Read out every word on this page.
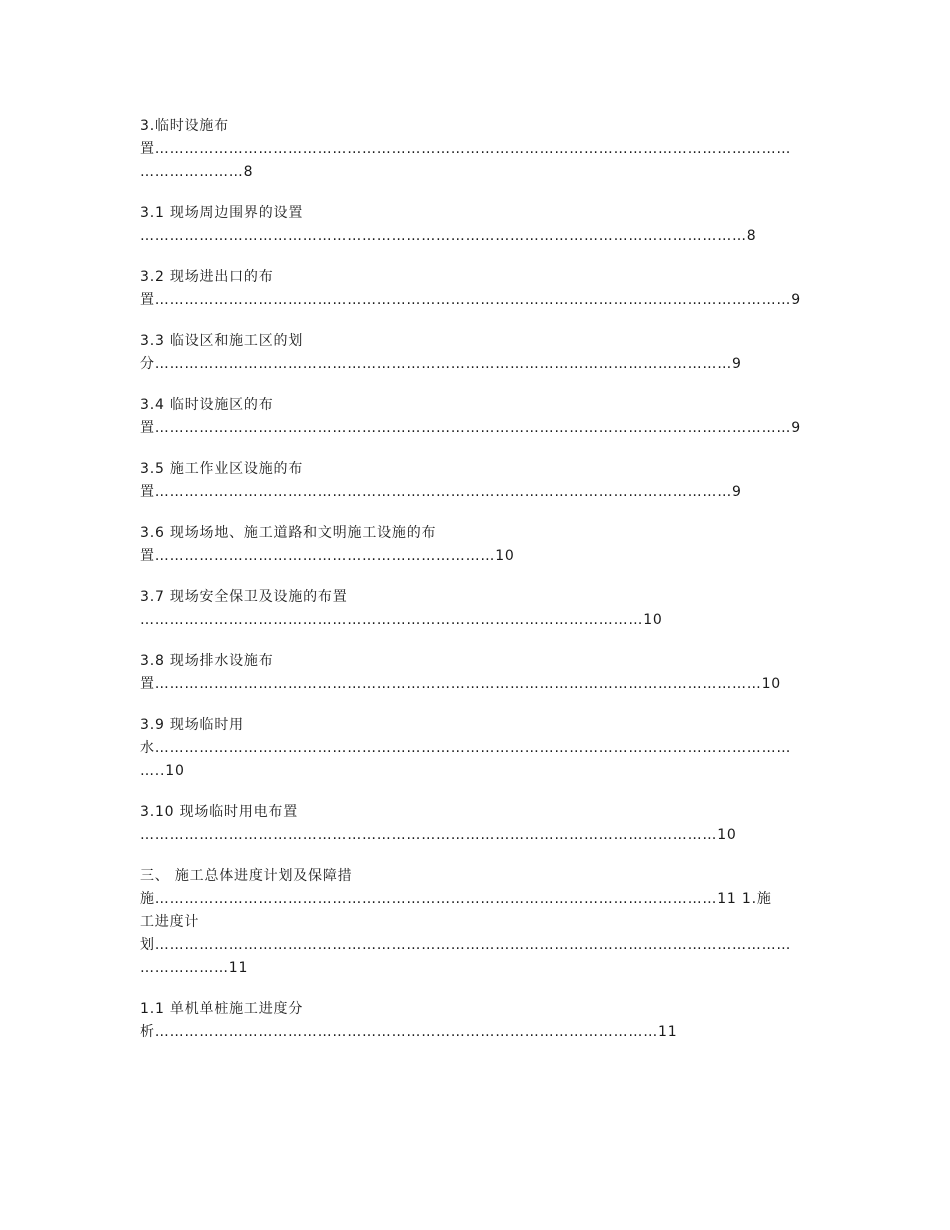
3.临时设施布
置…………………………………………………………………………………………………………………
…………………8
3.1 现场周边围界的设置
……………………………………………………………………………………………………………8
3.2 现场进出口的布
置…………………………………………………………………………………………………………………9
3.3 临设区和施工区的划
分………………………………………………………………………………………………………9
3.4 临时设施区的布
置…………………………………………………………………………………………………………………9
3.5 施工作业区设施的布
置………………………………………………………………………………………………………9
3.6 现场场地、施工道路和文明施工设施的布
置……………………………………………………………10
3.7 现场安全保卫及设施的布置
…………………………………………………………………………………………10
3.8 现场排水设施布
置……………………………………………………………………………………………………………10
3.9 现场临时用
水…………………………………………………………………………………………………………………
…..10
3.10 现场临时用电布置
………………………………………………………………………………………………………10
三、 施工总体进度计划及保障措
施……………………………………………………………………………………………………11 1.施
工进度计
划…………………………………………………………………………………………………………………
………………11
1.1 单机单桩施工进度分
析…………………………………………………………………………………………11
